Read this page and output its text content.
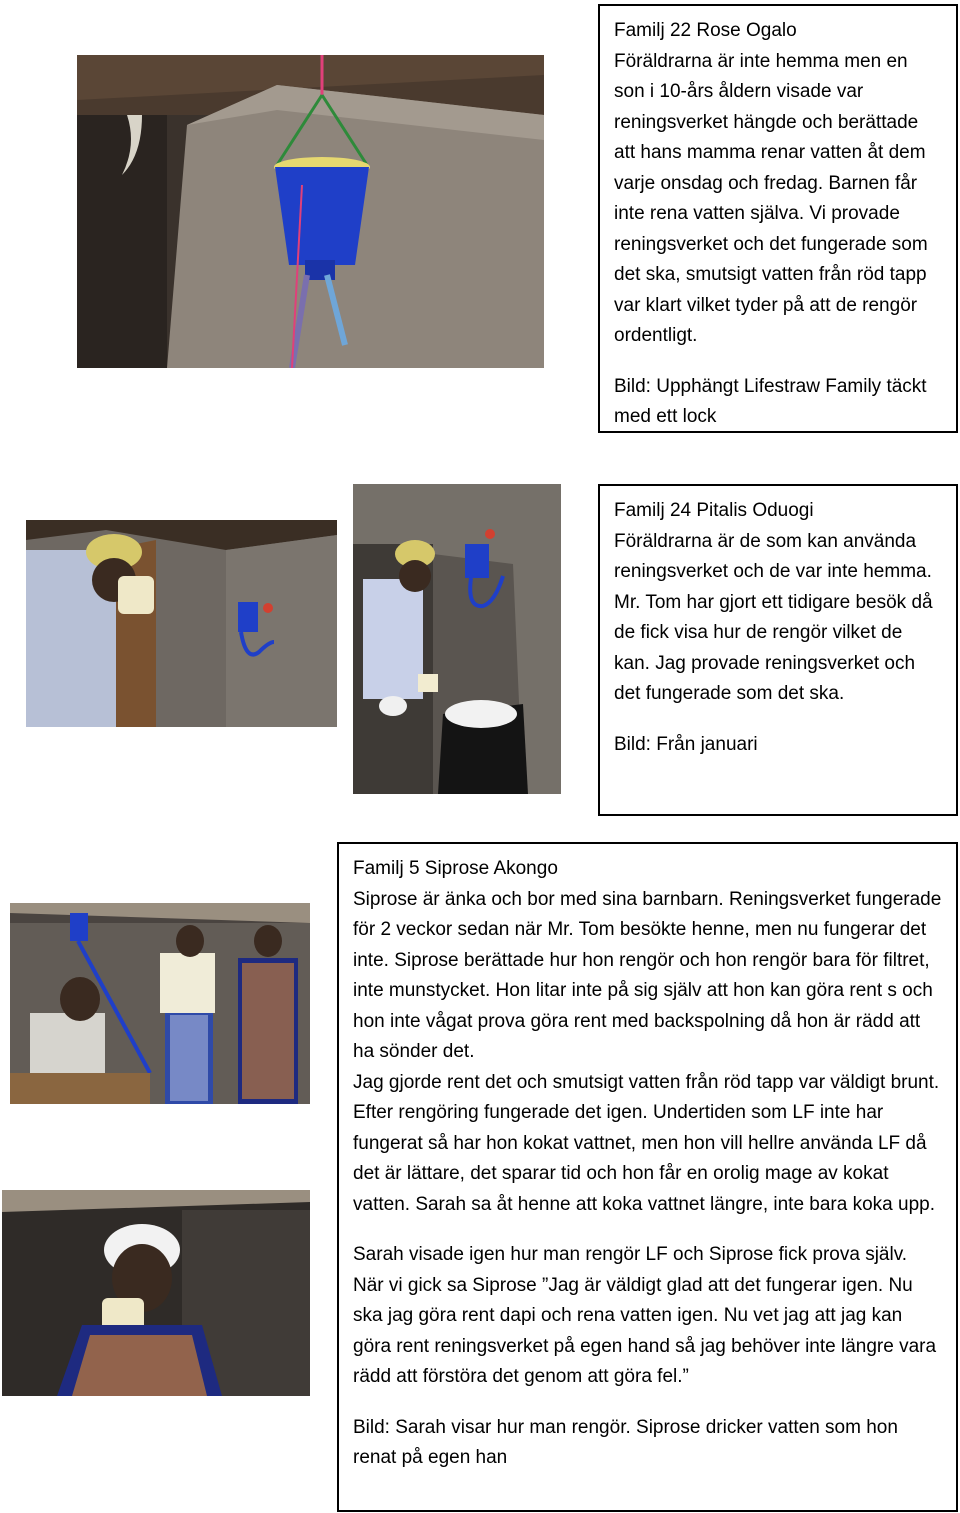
Familj 22 Rose Ogalo

Föräldrarna är inte hemma men en son i 10-års åldern visade var reningsverket hängde och berättade att hans mamma renar vatten åt dem varje onsdag och fredag. Barnen får inte rena vatten själva. Vi provade reningsverket och det fungerade som det ska, smutsigt vatten från röd tapp var klart vilket tyder på att de rengör ordentligt.

Bild: Upphängt Lifestraw Family täckt med ett lock

Familj 24 Pitalis Oduogi

Föräldrarna är de som kan använda reningsverket och de var inte hemma. Mr. Tom har gjort ett tidigare besök då de fick visa hur de rengör vilket de kan. Jag provade reningsverket och det fungerade som det ska.

Bild: Från januari

Familj 5 Siprose Akongo

Siprose är änka och bor med sina barnbarn. Reningsverket fungerade för 2 veckor sedan när Mr. Tom besökte henne, men nu fungerar det inte. Siprose berättade hur hon rengör och hon rengör bara för filtret, inte munstycket. Hon litar inte på sig själv att hon kan göra rent s och hon inte vågat prova göra rent med backspolning då hon är rädd att ha sönder det.

Jag gjorde rent det och smutsigt vatten från röd tapp var väldigt brunt. Efter rengöring fungerade det igen. Undertiden som LF inte har fungerat så har hon kokat vattnet, men hon vill hellre använda LF då det är lättare, det sparar tid och hon får en orolig mage av kokat vatten. Sarah sa åt henne att koka vattnet längre, inte bara koka upp.

Sarah visade igen hur man rengör LF och Siprose fick prova själv. När vi gick sa Siprose ”Jag är väldigt glad att det fungerar igen. Nu ska jag göra rent dapi och rena vatten igen. Nu vet jag att jag kan göra rent reningsverket på egen hand så jag behöver inte längre vara rädd att förstöra det genom att göra fel.”

Bild: Sarah visar hur man rengör. Siprose dricker vatten som hon renat på egen han
